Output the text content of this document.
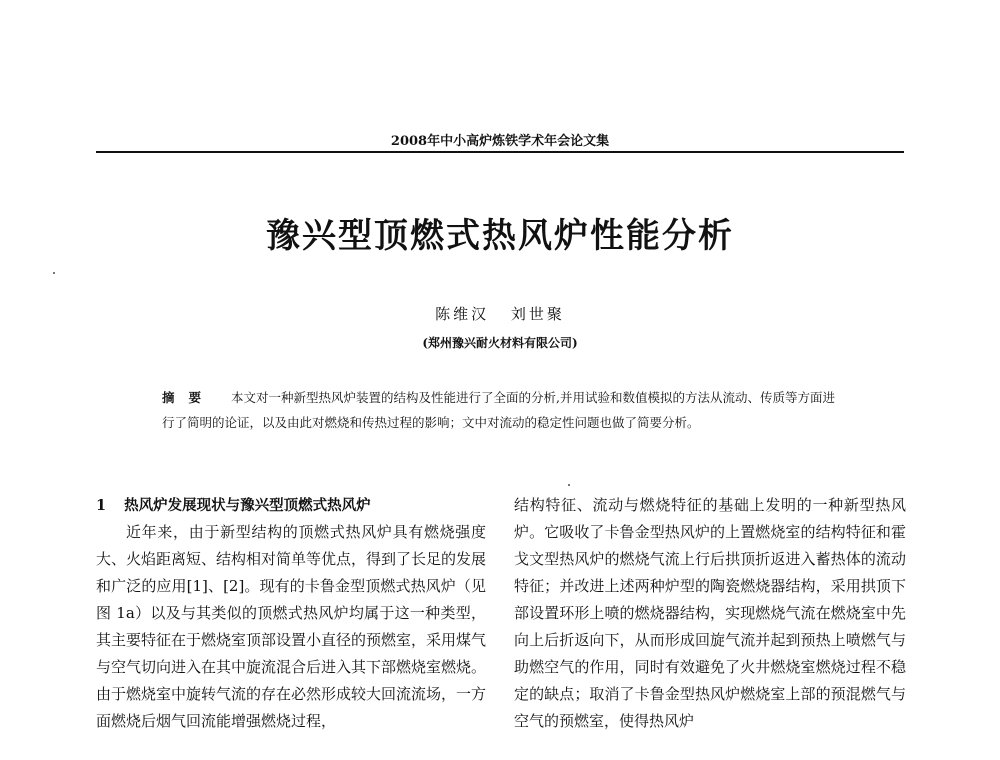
2008年中小高炉炼铁学术年会论文集
豫兴型顶燃式热风炉性能分析
陈维汉 刘世聚
(郑州豫兴耐火材料有限公司)
摘要 本文对一种新型热风炉装置的结构及性能进行了全面的分析,并用试验和数值模拟的方法从流动、传质等方面进行了简明的论证，以及由此对燃烧和传热过程的影响；文中对流动的稳定性问题也做了简要分析。
1 热风炉发展现状与豫兴型顶燃式热风炉

近年来，由于新型结构的顶燃式热风炉具有燃烧强度大、火焰距离短、结构相对简单等优点，得到了长足的发展和广泛的应用[1]、[2]。现有的卡鲁金型顶燃式热风炉（见图 1a）以及与其类似的顶燃式热风炉均属于这一种类型，其主要特征在于燃烧室顶部设置小直径的预燃室，采用煤气与空气切向进入在其中旋流混合后进入其下部燃烧室燃烧。由于燃烧室中旋转气流的存在必然形成较大回流流场，一方面燃烧后烟气回流能增强燃烧过程，

结构特征、流动与燃烧特征的基础上发明的一种新型热风炉。它吸收了卡鲁金型热风炉的上置燃烧室的结构特征和霍戈文型热风炉的燃烧气流上行后拱顶折返进入蓄热体的流动特征；并改进上述两种炉型的陶瓷燃烧器结构，采用拱顶下部设置环形上喷的燃烧器结构，实现燃烧气流在燃烧室中先向上后折返向下，从而形成回旋气流并起到预热上喷燃气与助燃空气的作用，同时有效避免了火井燃烧室燃烧过程不稳定的缺点；取消了卡鲁金型热风炉燃烧室上部的预混燃气与空气的预燃室，使得热风炉
